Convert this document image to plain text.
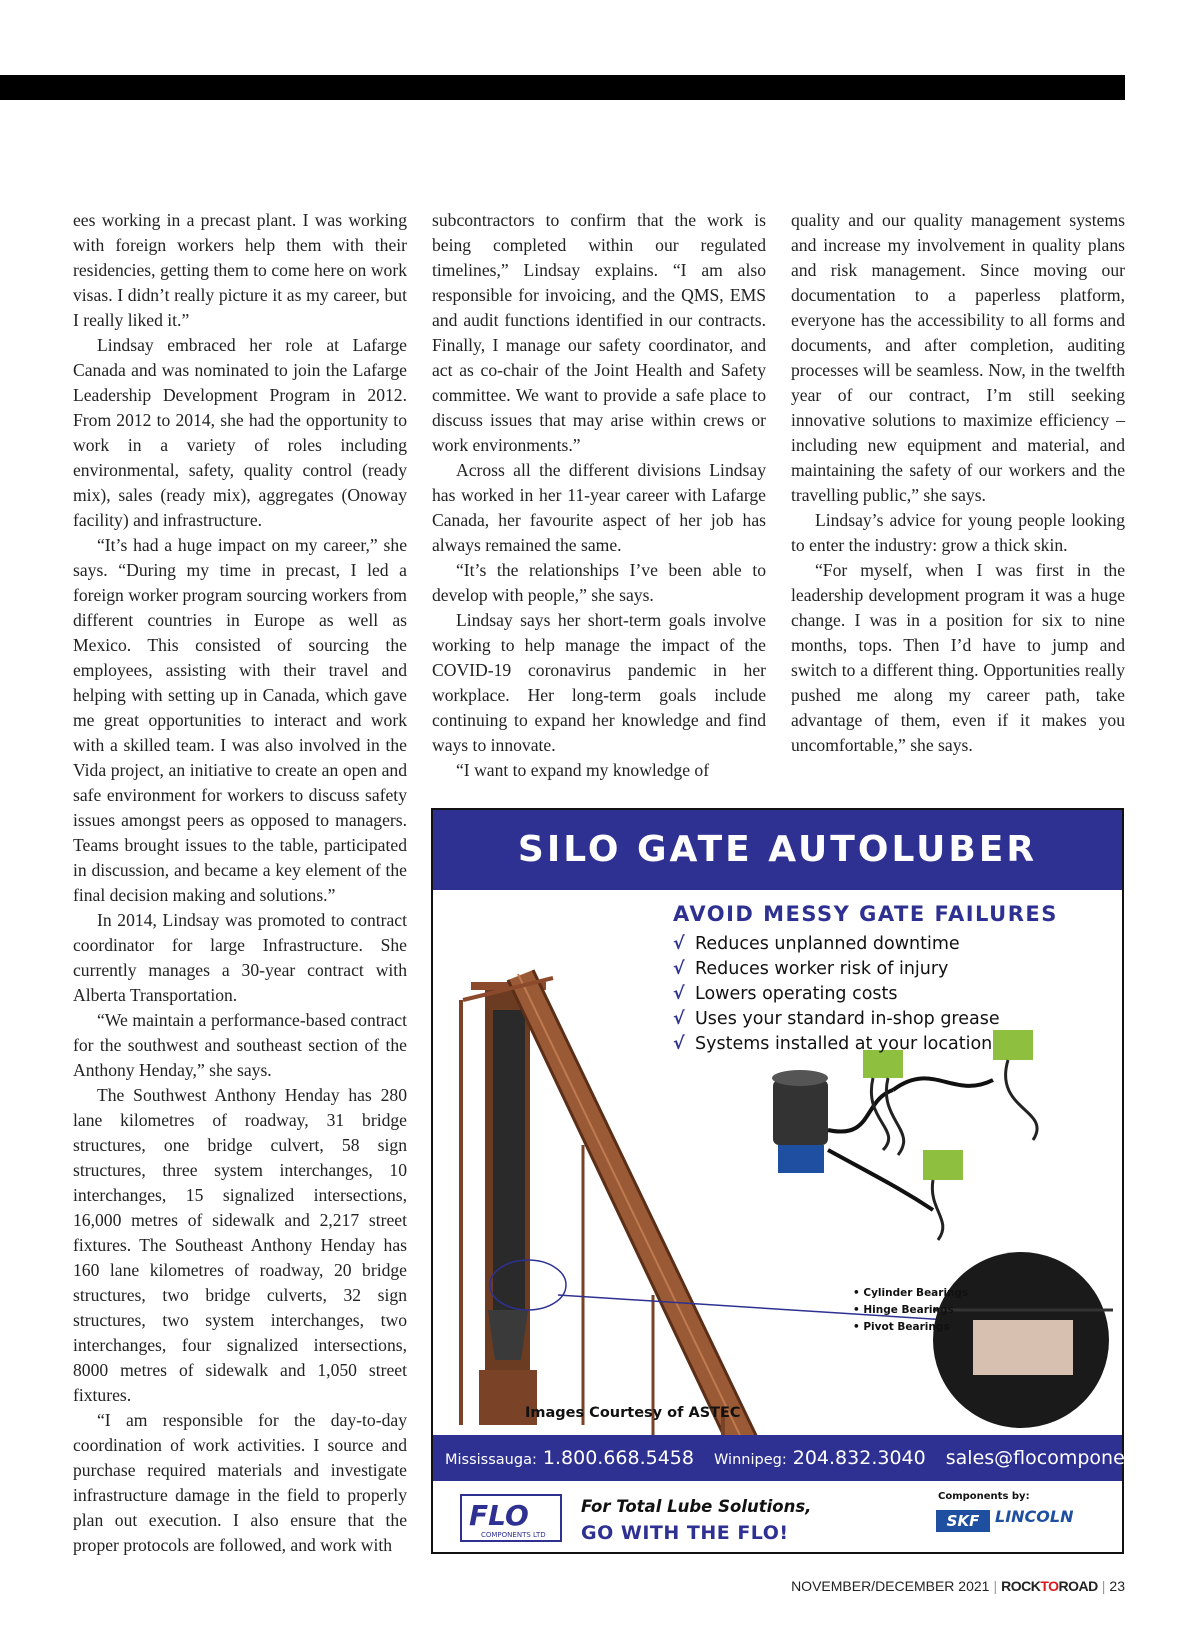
ees working in a precast plant. I was working with foreign workers help them with their residencies, getting them to come here on work visas. I didn’t really picture it as my career, but I really liked it.”

Lindsay embraced her role at Lafarge Canada and was nominated to join the Lafarge Leadership Development Program in 2012. From 2012 to 2014, she had the opportunity to work in a variety of roles including environmental, safety, quality control (ready mix), sales (ready mix), aggregates (Onoway facility) and infrastructure.

“It’s had a huge impact on my career,” she says. “During my time in precast, I led a foreign worker program sourcing workers from different countries in Europe as well as Mexico. This consisted of sourcing the employees, assisting with their travel and helping with setting up in Canada, which gave me great opportunities to interact and work with a skilled team. I was also involved in the Vida project, an initiative to create an open and safe environment for workers to discuss safety issues amongst peers as opposed to managers. Teams brought issues to the table, participated in discussion, and became a key element of the final decision making and solutions.”

In 2014, Lindsay was promoted to contract coordinator for large Infrastructure. She currently manages a 30-year contract with Alberta Transportation.

“We maintain a performance-based contract for the southwest and southeast section of the Anthony Henday,” she says.

The Southwest Anthony Henday has 280 lane kilometres of roadway, 31 bridge structures, one bridge culvert, 58 sign structures, three system interchanges, 10 interchanges, 15 signalized intersections, 16,000 metres of sidewalk and 2,217 street fixtures. The Southeast Anthony Henday has 160 lane kilometres of roadway, 20 bridge structures, two bridge culverts, 32 sign structures, two system interchanges, two interchanges, four signalized intersections, 8000 metres of sidewalk and 1,050 street fixtures.

“I am responsible for the day-to-day coordination of work activities. I source and purchase required materials and investigate infrastructure damage in the field to properly plan out execution. I also ensure that the proper protocols are followed, and work with

subcontractors to confirm that the work is being completed within our regulated timelines,” Lindsay explains. “I am also responsible for invoicing, and the QMS, EMS and audit functions identified in our contracts. Finally, I manage our safety coordinator, and act as co-chair of the Joint Health and Safety committee. We want to provide a safe place to discuss issues that may arise within crews or work environments.”

Across all the different divisions Lindsay has worked in her 11-year career with Lafarge Canada, her favourite aspect of her job has always remained the same.

“It’s the relationships I’ve been able to develop with people,” she says.

Lindsay says her short-term goals involve working to help manage the impact of the COVID-19 coronavirus pandemic in her workplace. Her long-term goals include continuing to expand her knowledge and find ways to innovate.

“I want to expand my knowledge of

quality and our quality management systems and increase my involvement in quality plans and risk management. Since moving our documentation to a paperless platform, everyone has the accessibility to all forms and documents, and after completion, auditing processes will be seamless. Now, in the twelfth year of our contract, I’m still seeking innovative solutions to maximize efficiency – including new equipment and material, and maintaining the safety of our workers and the travelling public,” she says.

Lindsay’s advice for young people looking to enter the industry: grow a thick skin.

“For myself, when I was first in the leadership development program it was a huge change. I was in a position for six to nine months, tops. Then I’d have to jump and switch to a different thing. Opportunities really pushed me along my career path, take advantage of them, even if it makes you uncomfortable,” she says.

SILO GATE AUTOLUBER
AVOID MESSY GATE FAILURES
√ Reduces unplanned downtime
√ Reduces worker risk of injury
√ Lowers operating costs
√ Uses your standard in-shop grease
√ Systems installed at your location
• Cylinder Bearings
• Hinge Bearings
• Pivot Bearings
Images Courtesy of ASTEC
Mississauga: 1.800.668.5458 Winnipeg: 204.832.3040 sales@flocomponents.com
FLO
COMPONENTS LTD
For Total Lube Solutions,
GO WITH THE FLO!
Components by:
SKF LINCOLN
NOVEMBER/DECEMBER 2021 | ROCKTOROAD | 23
